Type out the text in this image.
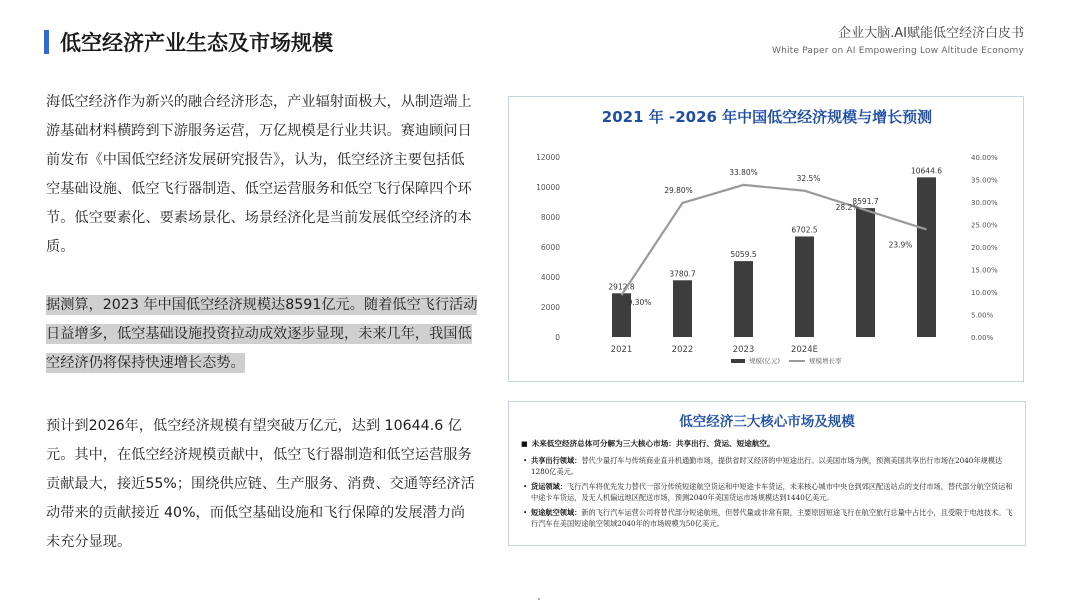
低空经济产业生态及市场规模	企业大脑.AI赋能低空经济白皮书
White Paper on AI Empowering Low Altitude Economy

海低空经济作为新兴的融合经济形态，产业辐射面极大，从制造端上游基础材料横跨到下游服务运营，万亿规模是行业共识。赛迪顾问日前发布《中国低空经济发展研究报告》，认为，低空经济主要包括低空基础设施、低空飞行器制造、低空运营服务和低空飞行保障四个环节。低空要素化、要素场景化、场景经济化是当前发展低空经济的本质。

据测算，2023 年中国低空经济规模达8591亿元。随着低空飞行活动日益增多，低空基础设施投资拉动成效逐步显现，未来几年，我国低空经济仍将保持快速增长态势。

预计到2026年，低空经济规模有望突破万亿元，达到 10644.6 亿元。其中，在低空经济规模贡献中，低空飞行器制造和低空运营服务贡献最大，接近55%；围绕供应链、生产服务、消费、交通等经济活动带来的贡献接近 40%，而低空基础设施和飞行保障的发展潜力尚未充分显现。

2021 年 -2026 年中国低空经济规模与增长预测
0
2000
4000
6000
8000
10000
12000
0.00%
5.00%
10.00%
15.00%
20.00%
25.00%
30.00%
35.00%
40.00%
2912.8
3780.7
5059.5
6702.5
8591.7
10644.6
9.30%
29.80%
33.80%
32.5%
28.2%
23.9%
2021	2022	2023	2024E
规模(亿元)	规模增长率
低空经济三大核心市场及规模
■ 未来低空经济总体可分解为三大核心市场：共享出行、货运、短途航空。
• 共享出行领域：替代少量打车与传统商业直升机通勤市场，提供省时又经济的中短途出行。以美国市场为例，预测美国共享出行市场在2040年规模达1280亿美元。
• 货运领域：飞行汽车将优先发力替代一部分传统短途航空货运和中短途卡车货运，未来核心城市中央仓到郊区配送站点的支付市场，替代部分航空货运和中途卡车货运，及无人机偏远地区配送市场，预测2040年美国货运市场规模达到1440亿美元。
• 短途航空领域：新的飞行汽车运营公司将替代部分短途航班，但替代量或非常有限，主要原因短途飞行在航空旅行总量中占比小，且受限于电池技术。飞行汽车在美国短途航空领域2040年的市场规模为50亿美元。
